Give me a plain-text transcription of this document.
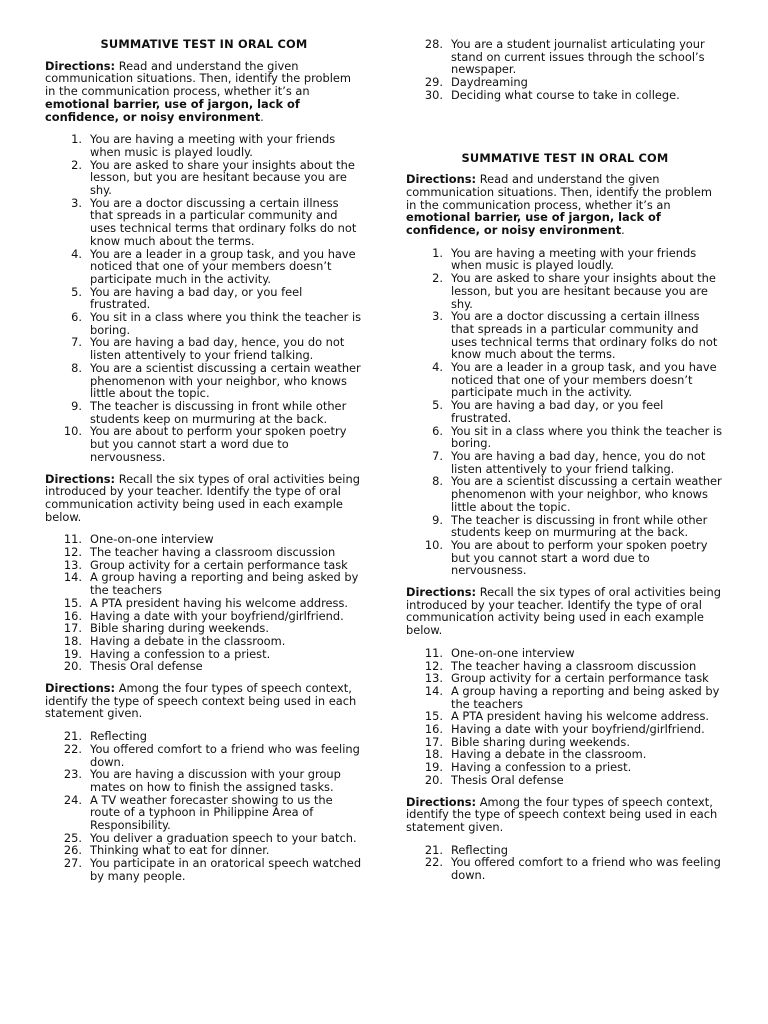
SUMMATIVE TEST IN ORAL COM

Directions: Read and understand the given communication situations. Then, identify the problem in the communication process, whether it’s an emotional barrier, use of jargon, lack of confidence, or noisy environment.

1. You are having a meeting with your friends when music is played loudly.
2. You are asked to share your insights about the lesson, but you are hesitant because you are shy.
3. You are a doctor discussing a certain illness that spreads in a particular community and uses technical terms that ordinary folks do not know much about the terms.
4. You are a leader in a group task, and you have noticed that one of your members doesn’t participate much in the activity.
5. You are having a bad day, or you feel frustrated.
6. You sit in a class where you think the teacher is boring.
7. You are having a bad day, hence, you do not listen attentively to your friend talking.
8. You are a scientist discussing a certain weather phenomenon with your neighbor, who knows little about the topic.
9. The teacher is discussing in front while other students keep on murmuring at the back.
10. You are about to perform your spoken poetry but you cannot start a word due to nervousness.

Directions: Recall the six types of oral activities being introduced by your teacher. Identify the type of oral communication activity being used in each example below.

11. One-on-one interview
12. The teacher having a classroom discussion
13. Group activity for a certain performance task
14. A group having a reporting and being asked by the teachers
15. A PTA president having his welcome address.
16. Having a date with your boyfriend/girlfriend.
17. Bible sharing during weekends.
18. Having a debate in the classroom.
19. Having a confession to a priest.
20. Thesis Oral defense

Directions: Among the four types of speech context, identify the type of speech context being used in each statement given.

21. Reflecting
22. You offered comfort to a friend who was feeling down.
23. You are having a discussion with your group mates on how to finish the assigned tasks.
24. A TV weather forecaster showing to us the route of a typhoon in Philippine Area of Responsibility.
25. You deliver a graduation speech to your batch.
26. Thinking what to eat for dinner.
27. You participate in an oratorical speech watched by many people.
28. You are a student journalist articulating your stand on current issues through the school’s newspaper.
29. Daydreaming
30. Deciding what course to take in college.

SUMMATIVE TEST IN ORAL COM

Directions: Read and understand the given communication situations. Then, identify the problem in the communication process, whether it’s an emotional barrier, use of jargon, lack of confidence, or noisy environment.

1. You are having a meeting with your friends when music is played loudly.
2. You are asked to share your insights about the lesson, but you are hesitant because you are shy.
3. You are a doctor discussing a certain illness that spreads in a particular community and uses technical terms that ordinary folks do not know much about the terms.
4. You are a leader in a group task, and you have noticed that one of your members doesn’t participate much in the activity.
5. You are having a bad day, or you feel frustrated.
6. You sit in a class where you think the teacher is boring.
7. You are having a bad day, hence, you do not listen attentively to your friend talking.
8. You are a scientist discussing a certain weather phenomenon with your neighbor, who knows little about the topic.
9. The teacher is discussing in front while other students keep on murmuring at the back.
10. You are about to perform your spoken poetry but you cannot start a word due to nervousness.

Directions: Recall the six types of oral activities being introduced by your teacher. Identify the type of oral communication activity being used in each example below.

11. One-on-one interview
12. The teacher having a classroom discussion
13. Group activity for a certain performance task
14. A group having a reporting and being asked by the teachers
15. A PTA president having his welcome address.
16. Having a date with your boyfriend/girlfriend.
17. Bible sharing during weekends.
18. Having a debate in the classroom.
19. Having a confession to a priest.
20. Thesis Oral defense

Directions: Among the four types of speech context, identify the type of speech context being used in each statement given.

21. Reflecting
22. You offered comfort to a friend who was feeling down.
